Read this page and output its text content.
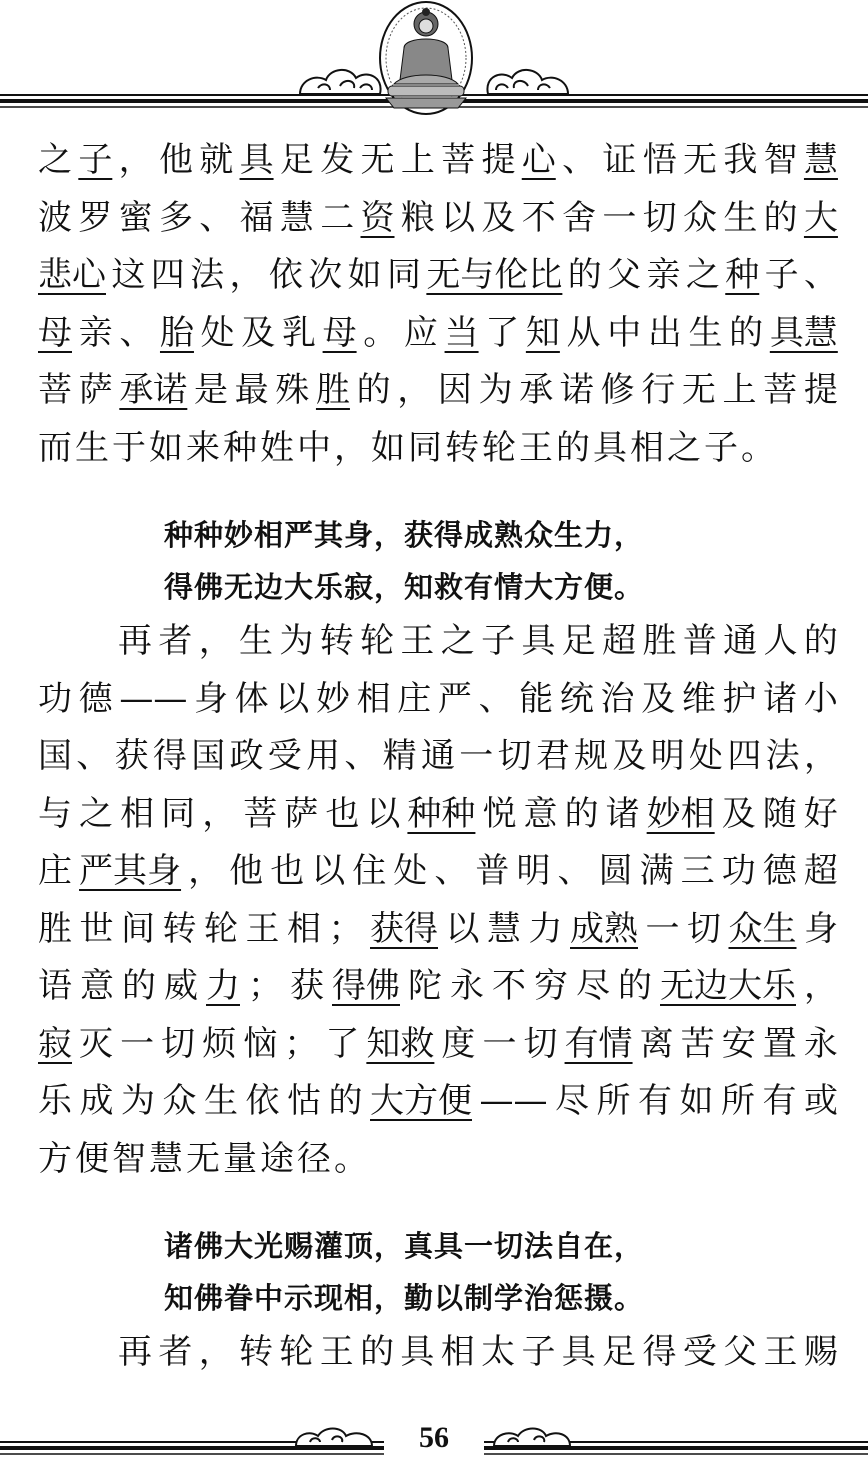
之 子 ， 他 就 具 足 发 无 上 菩 提 心 、 证 悟 无 我 智 慧
波 罗 蜜 多 、 福 慧 二 资 粮 以 及 不 舍 一 切 众 生 的 大
悲心 这 四 法 ， 依 次 如 同 无与伦比 的 父 亲 之 种 子 、
母 亲 、 胎 处 及 乳 母 。 应 当 了 知 从 中 出 生 的 具慧
菩 萨 承诺 是 最 殊 胜 的 ， 因 为 承 诺 修 行 无 上 菩 提
而生于如来种姓中，如同转轮王的具相之子。
种种妙相严其身，获得成熟众生力，
得佛无边大乐寂，知救有情大方便。
再 者 ， 生 为 转 轮 王 之 子 具 足 超 胜 普 通 人 的
功 德 —— 身 体 以 妙 相 庄 严 、 能 统 治 及 维 护 诸 小
国 、 获 得 国 政 受 用 、 精 通 一 切 君 规 及 明 处 四 法 ，
与 之 相 同 ， 菩 萨 也 以 种种 悦 意 的 诸 妙相 及 随 好
庄 严其身 ， 他 也 以 住 处 、 普 明 、 圆 满 三 功 德 超
胜 世 间 转 轮 王 相 ； 获得 以 慧 力 成熟 一 切 众生 身
语 意 的 威 力 ； 获 得佛 陀 永 不 穷 尽 的 无边大乐 ，
寂 灭 一 切 烦 恼 ； 了 知救 度 一 切 有情 离 苦 安 置 永
乐 成 为 众 生 依 怙 的 大方便 —— 尽 所 有 如 所 有 或
方便智慧无量途径。
诸佛大光赐灌顶，真具一切法自在，
知佛眷中示现相，勤以制学治惩摄。
再 者 ， 转 轮 王 的 具 相 太 子 具 足 得 受 父 王 赐
56
